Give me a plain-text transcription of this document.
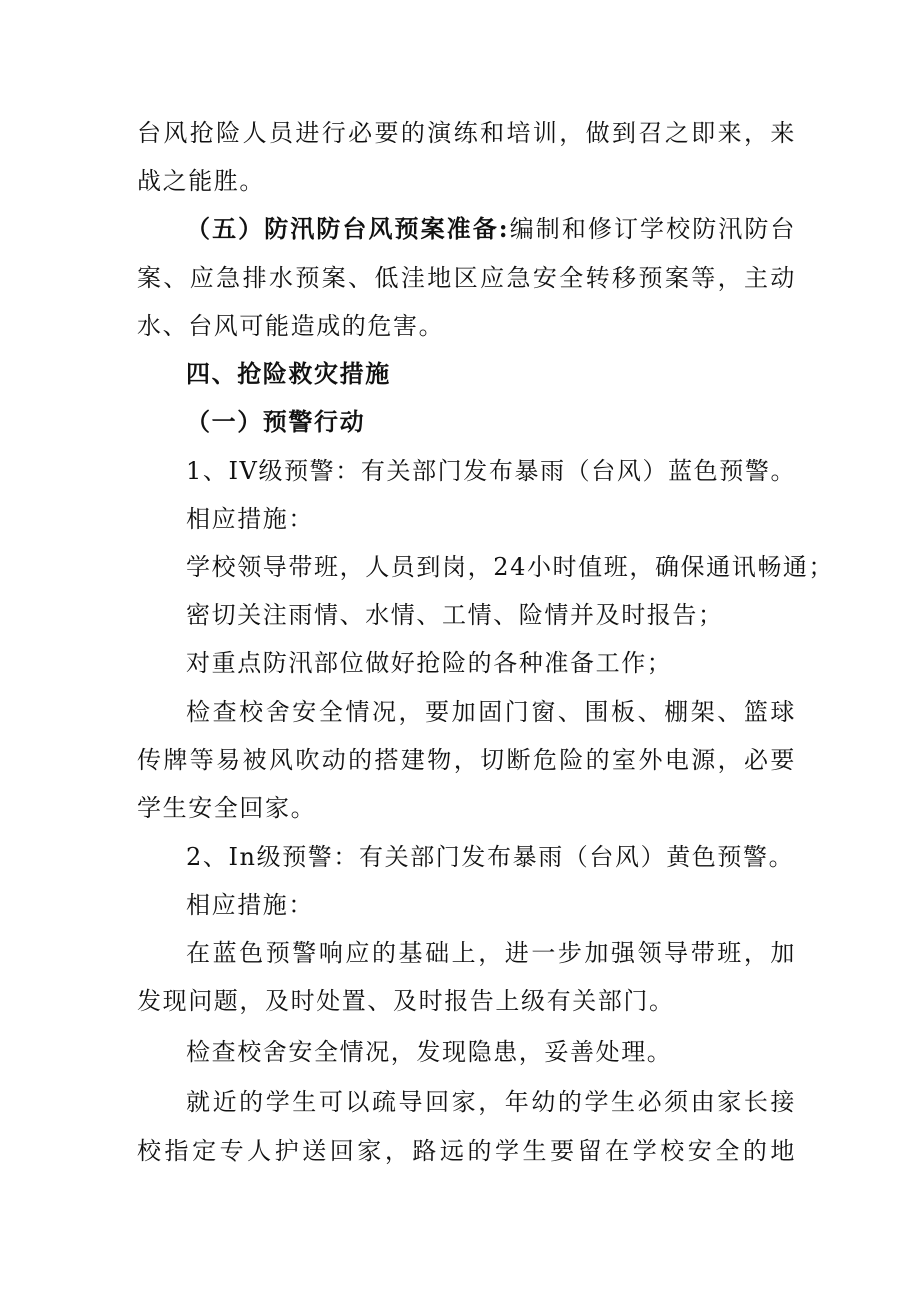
台风抢险人员进行必要的演练和培训，做到召之即来，来
战之能胜。
（五）防汛防台风预案准备:编制和修订学校防汛防台
案、应急排水预案、低洼地区应急安全转移预案等，主动
水、台风可能造成的危害。
四、抢险救灾措施
（一）预警行动
1、IV级预警：有关部门发布暴雨（台风）蓝色预警。
相应措施：
学校领导带班，人员到岗，24小时值班，确保通讯畅通；
密切关注雨情、水情、工情、险情并及时报告；
对重点防汛部位做好抢险的各种准备工作；
检查校舍安全情况，要加固门窗、围板、棚架、篮球
传牌等易被风吹动的搭建物，切断危险的室外电源，必要
学生安全回家。
2、In级预警：有关部门发布暴雨（台风）黄色预警。
相应措施：
在蓝色预警响应的基础上，进一步加强领导带班，加
发现问题，及时处置、及时报告上级有关部门。
检查校舍安全情况，发现隐患，妥善处理。
就近的学生可以疏导回家，年幼的学生必须由家长接
校指定专人护送回家，路远的学生要留在学校安全的地
